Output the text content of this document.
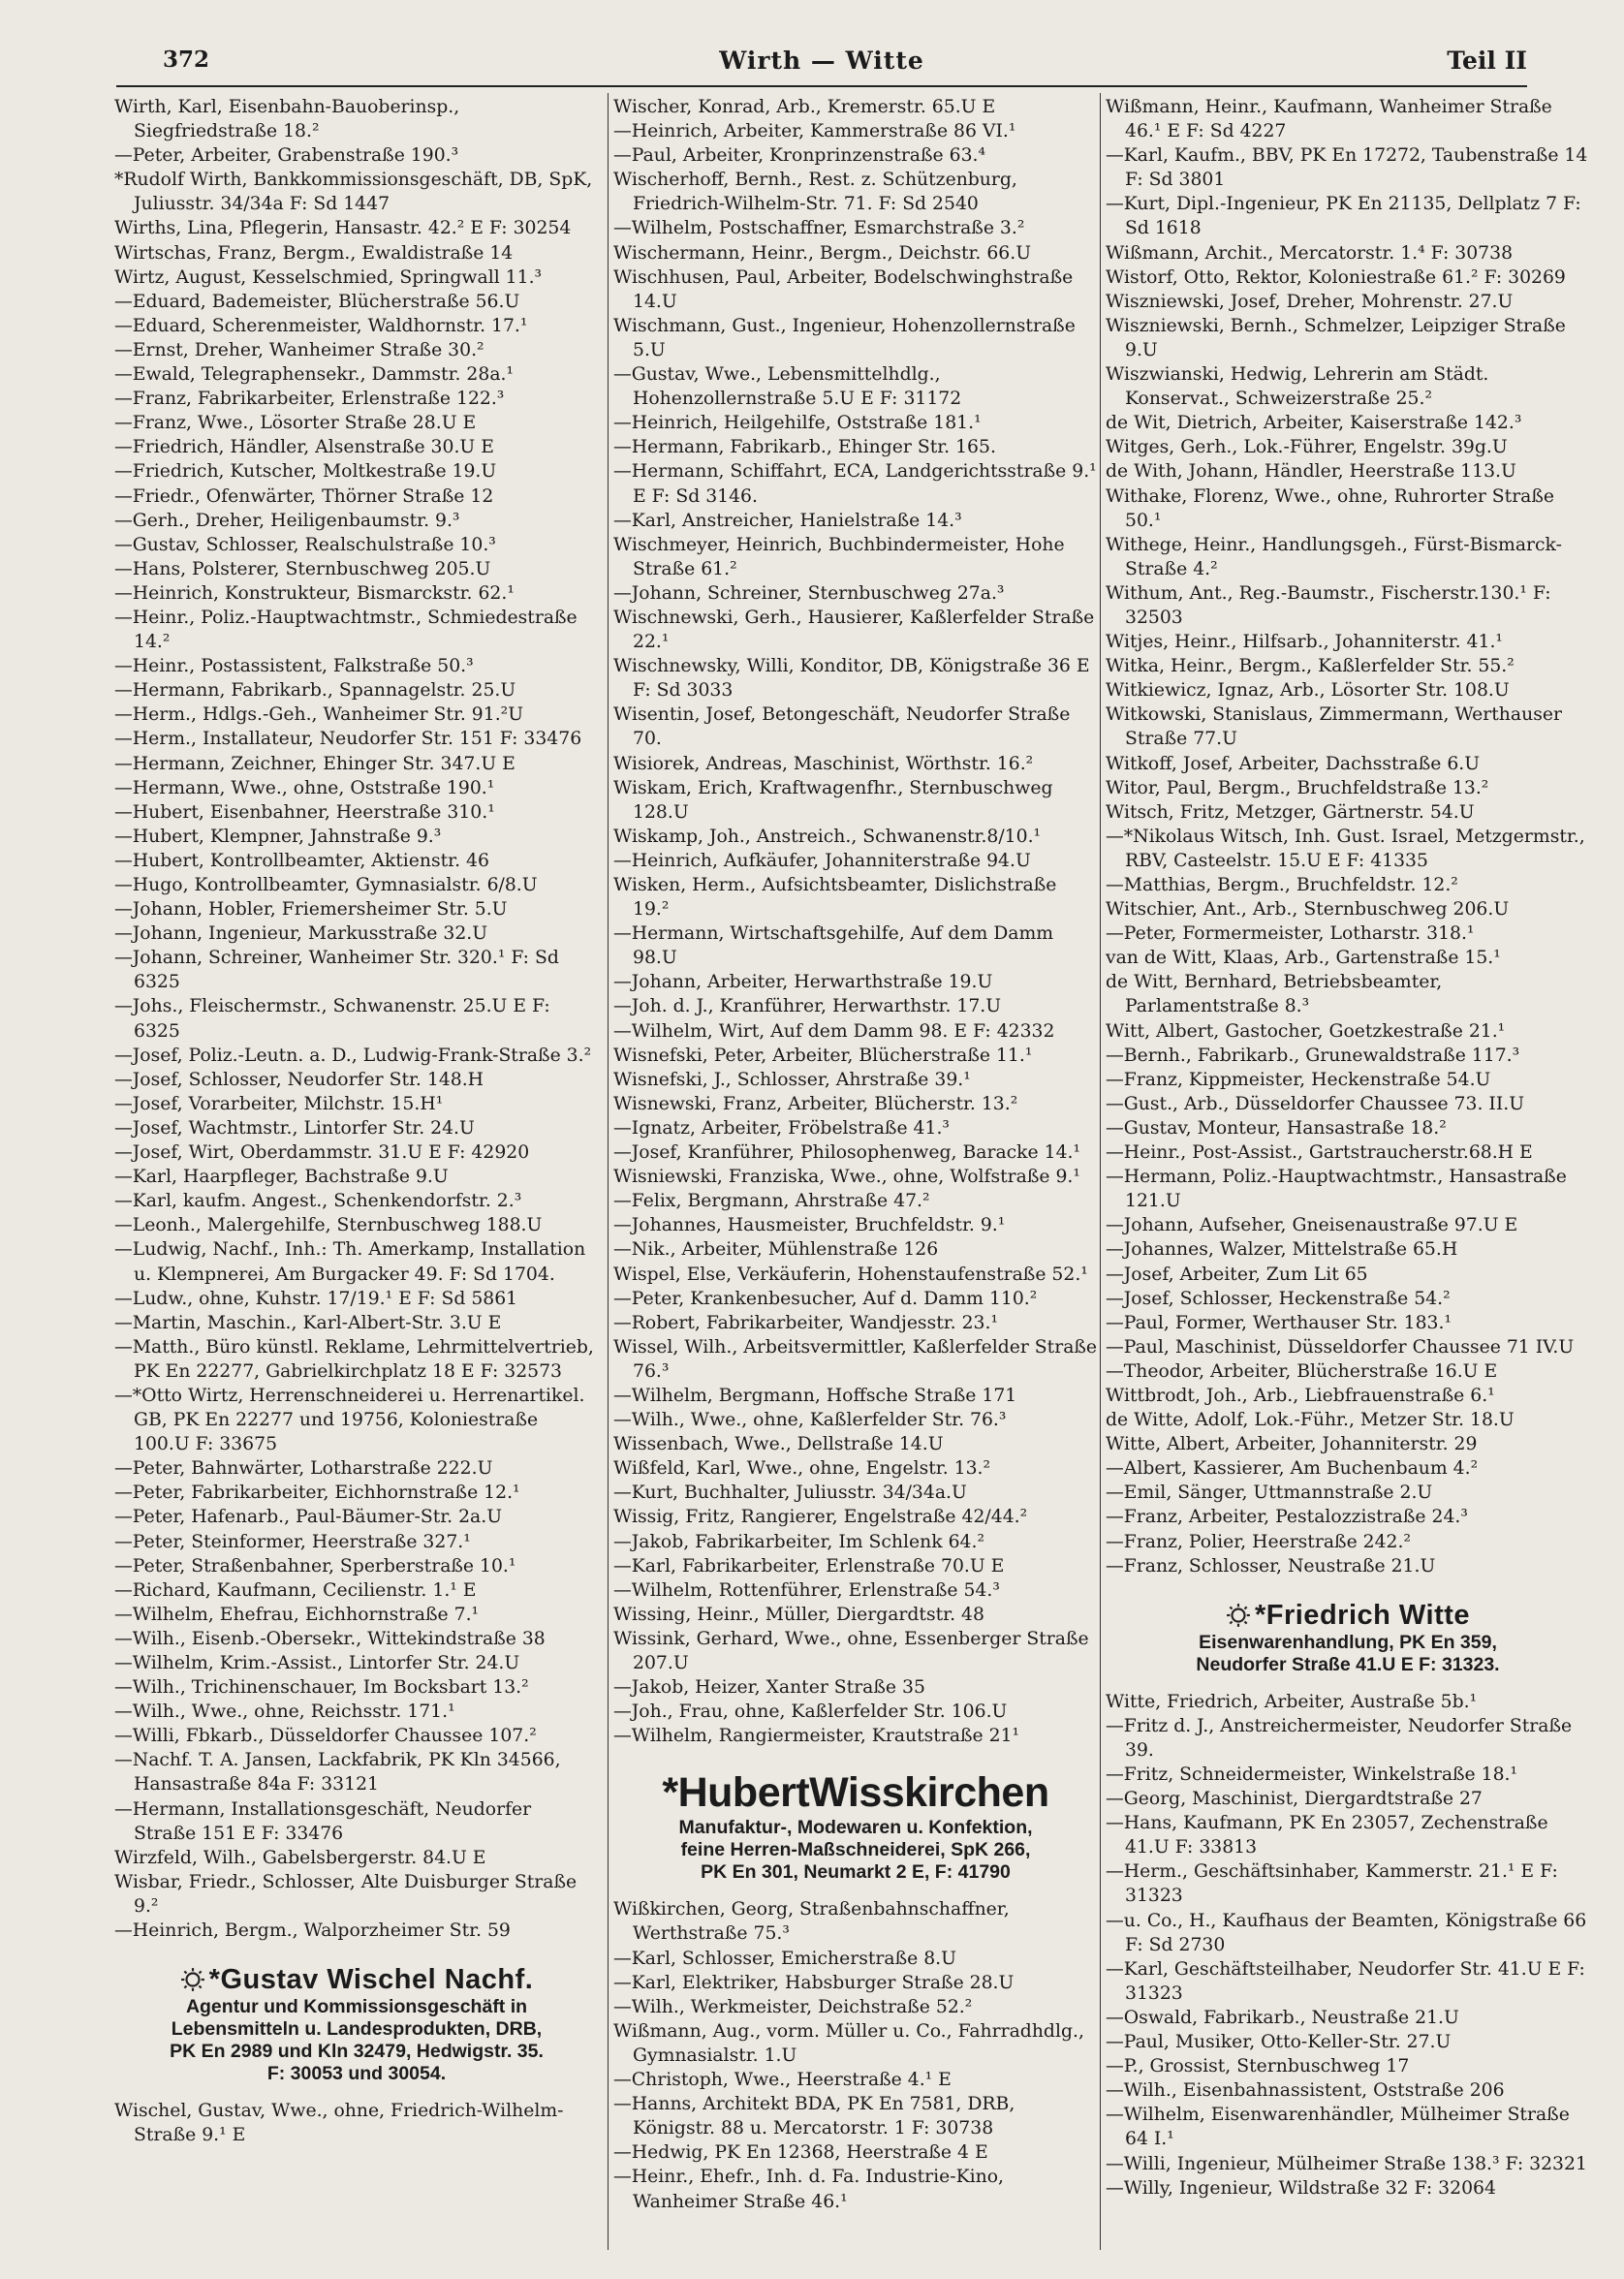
372	Wirth — Witte	Teil II

Wirth, Karl, Eisenbahn-Bauoberinsp., Siegfriedstraße 18.²

—Peter, Arbeiter, Grabenstraße 190.³

*Rudolf Wirth, Bankkommissionsgeschäft, DB, SpK, Juliusstr. 34/34a F: Sd 1447

Wirths, Lina, Pflegerin, Hansastr. 42.² E F: 30254

Wirtschas, Franz, Bergm., Ewaldistraße 14

Wirtz, August, Kesselschmied, Springwall 11.³

—Eduard, Bademeister, Blücherstraße 56.U

—Eduard, Scherenmeister, Waldhornstr. 17.¹

—Ernst, Dreher, Wanheimer Straße 30.²

—Ewald, Telegraphensekr., Dammstr. 28a.¹

—Franz, Fabrikarbeiter, Erlenstraße 122.³

—Franz, Wwe., Lösorter Straße 28.U E

—Friedrich, Händler, Alsenstraße 30.U E

—Friedrich, Kutscher, Moltkestraße 19.U

—Friedr., Ofenwärter, Thörner Straße 12

—Gerh., Dreher, Heiligenbaumstr. 9.³

—Gustav, Schlosser, Realschulstraße 10.³

—Hans, Polsterer, Sternbuschweg 205.U

—Heinrich, Konstrukteur, Bismarckstr. 62.¹

—Heinr., Poliz.-Hauptwachtmstr., Schmiedestraße 14.²

—Heinr., Postassistent, Falkstraße 50.³

—Hermann, Fabrikarb., Spannagelstr. 25.U

—Herm., Hdlgs.-Geh., Wanheimer Str. 91.²U

—Herm., Installateur, Neudorfer Str. 151 F: 33476

—Hermann, Zeichner, Ehinger Str. 347.U E

—Hermann, Wwe., ohne, Oststraße 190.¹

—Hubert, Eisenbahner, Heerstraße 310.¹

—Hubert, Klempner, Jahnstraße 9.³

—Hubert, Kontrollbeamter, Aktienstr. 46

—Hugo, Kontrollbeamter, Gymnasialstr. 6/8.U

—Johann, Hobler, Friemersheimer Str. 5.U

—Johann, Ingenieur, Markusstraße 32.U

—Johann, Schreiner, Wanheimer Str. 320.¹ F: Sd 6325

—Johs., Fleischermstr., Schwanenstr. 25.U E F: 6325

—Josef, Poliz.-Leutn. a. D., Ludwig-Frank-Straße 3.²

—Josef, Schlosser, Neudorfer Str. 148.H

—Josef, Vorarbeiter, Milchstr. 15.H¹

—Josef, Wachtmstr., Lintorfer Str. 24.U

—Josef, Wirt, Oberdammstr. 31.U E F: 42920

—Karl, Haarpfleger, Bachstraße 9.U

—Karl, kaufm. Angest., Schenkendorfstr. 2.³

—Leonh., Malergehilfe, Sternbuschweg 188.U

—Ludwig, Nachf., Inh.: Th. Amerkamp, Installation u. Klempnerei, Am Burgacker 49. F: Sd 1704.

—Ludw., ohne, Kuhstr. 17/19.¹ E F: Sd 5861

—Martin, Maschin., Karl-Albert-Str. 3.U E

—Matth., Büro künstl. Reklame, Lehrmittelvertrieb, PK En 22277, Gabrielkirchplatz 18 E F: 32573

—*Otto Wirtz, Herrenschneiderei u. Herrenartikel. GB, PK En 22277 und 19756, Koloniestraße 100.U F: 33675

—Peter, Bahnwärter, Lotharstraße 222.U

—Peter, Fabrikarbeiter, Eichhornstraße 12.¹

—Peter, Hafenarb., Paul-Bäumer-Str. 2a.U

—Peter, Steinformer, Heerstraße 327.¹

—Peter, Straßenbahner, Sperberstraße 10.¹

—Richard, Kaufmann, Cecilienstr. 1.¹ E

—Wilhelm, Ehefrau, Eichhornstraße 7.¹

—Wilh., Eisenb.-Obersekr., Wittekindstraße 38

—Wilhelm, Krim.-Assist., Lintorfer Str. 24.U

—Wilh., Trichinenschauer, Im Bocksbart 13.²

—Wilh., Wwe., ohne, Reichsstr. 171.¹

—Willi, Fbkarb., Düsseldorfer Chaussee 107.²

—Nachf. T. A. Jansen, Lackfabrik, PK Kln 34566, Hansastraße 84a F: 33121

—Hermann, Installationsgeschäft, Neudorfer Straße 151 E F: 33476

Wirzfeld, Wilh., Gabelsbergerstr. 84.U E

Wisbar, Friedr., Schlosser, Alte Duisburger Straße 9.²

—Heinrich, Bergm., Walporzheimer Str. 59

*Gustav Wischel Nachf.
Agentur und Kommissionsgeschäft in
Lebensmitteln u. Landesprodukten, DRB,
PK En 2989 und Kln 32479, Hedwigstr. 35.
F: 30053 und 30054.

Wischel, Gustav, Wwe., ohne, Friedrich-Wilhelm-Straße 9.¹ E

Wischer, Konrad, Arb., Kremerstr. 65.U E

—Heinrich, Arbeiter, Kammerstraße 86 VI.¹

—Paul, Arbeiter, Kronprinzenstraße 63.⁴

Wischerhoff, Bernh., Rest. z. Schützenburg, Friedrich-Wilhelm-Str. 71. F: Sd 2540

—Wilhelm, Postschaffner, Esmarchstraße 3.²

Wischermann, Heinr., Bergm., Deichstr. 66.U

Wischhusen, Paul, Arbeiter, Bodelschwinghstraße 14.U

Wischmann, Gust., Ingenieur, Hohenzollernstraße 5.U

—Gustav, Wwe., Lebensmittelhdlg., Hohenzollernstraße 5.U E F: 31172

—Heinrich, Heilgehilfe, Oststraße 181.¹

—Hermann, Fabrikarb., Ehinger Str. 165.

—Hermann, Schiffahrt, ECA, Landgerichtsstraße 9.¹ E F: Sd 3146.

—Karl, Anstreicher, Hanielstraße 14.³

Wischmeyer, Heinrich, Buchbindermeister, Hohe Straße 61.²

—Johann, Schreiner, Sternbuschweg 27a.³

Wischnewski, Gerh., Hausierer, Kaßlerfelder Straße 22.¹

Wischnewsky, Willi, Konditor, DB, Königstraße 36 E F: Sd 3033

Wisentin, Josef, Betongeschäft, Neudorfer Straße 70.

Wisiorek, Andreas, Maschinist, Wörthstr. 16.²

Wiskam, Erich, Kraftwagenfhr., Sternbuschweg 128.U

Wiskamp, Joh., Anstreich., Schwanenstr.8/10.¹

—Heinrich, Aufkäufer, Johanniterstraße 94.U

Wisken, Herm., Aufsichtsbeamter, Dislichstraße 19.²

—Hermann, Wirtschaftsgehilfe, Auf dem Damm 98.U

—Johann, Arbeiter, Herwarthstraße 19.U

—Joh. d. J., Kranführer, Herwarthstr. 17.U

—Wilhelm, Wirt, Auf dem Damm 98. E F: 42332

Wisnefski, Peter, Arbeiter, Blücherstraße 11.¹

Wisnefski, J., Schlosser, Ahrstraße 39.¹

Wisnewski, Franz, Arbeiter, Blücherstr. 13.²

—Ignatz, Arbeiter, Fröbelstraße 41.³

—Josef, Kranführer, Philosophenweg, Baracke 14.¹

Wisniewski, Franziska, Wwe., ohne, Wolfstraße 9.¹

—Felix, Bergmann, Ahrstraße 47.²

—Johannes, Hausmeister, Bruchfeldstr. 9.¹

—Nik., Arbeiter, Mühlenstraße 126

Wispel, Else, Verkäuferin, Hohenstaufenstraße 52.¹

—Peter, Krankenbesucher, Auf d. Damm 110.²

—Robert, Fabrikarbeiter, Wandjesstr. 23.¹

Wissel, Wilh., Arbeitsvermittler, Kaßlerfelder Straße 76.³

—Wilhelm, Bergmann, Hoffsche Straße 171

—Wilh., Wwe., ohne, Kaßlerfelder Str. 76.³

Wissenbach, Wwe., Dellstraße 14.U

Wißfeld, Karl, Wwe., ohne, Engelstr. 13.²

—Kurt, Buchhalter, Juliusstr. 34/34a.U

Wissig, Fritz, Rangierer, Engelstraße 42/44.²

—Jakob, Fabrikarbeiter, Im Schlenk 64.²

—Karl, Fabrikarbeiter, Erlenstraße 70.U E

—Wilhelm, Rottenführer, Erlenstraße 54.³

Wissing, Heinr., Müller, Diergardtstr. 48

Wissink, Gerhard, Wwe., ohne, Essenberger Straße 207.U

—Jakob, Heizer, Xanter Straße 35

—Joh., Frau, ohne, Kaßlerfelder Str. 106.U

—Wilhelm, Rangiermeister, Krautstraße 21¹

*HubertWisskirchen
Manufaktur-, Modewaren u. Konfektion,
feine Herren-Maßschneiderei, SpK 266,
PK En 301, Neumarkt 2 E, F: 41790

Wißkirchen, Georg, Straßenbahnschaffner, Werthstraße 75.³

—Karl, Schlosser, Emicherstraße 8.U

—Karl, Elektriker, Habsburger Straße 28.U

—Wilh., Werkmeister, Deichstraße 52.²

Wißmann, Aug., vorm. Müller u. Co., Fahrradhdlg., Gymnasialstr. 1.U

—Christoph, Wwe., Heerstraße 4.¹ E

—Hanns, Architekt BDA, PK En 7581, DRB, Königstr. 88 u. Mercatorstr. 1 F: 30738

—Hedwig, PK En 12368, Heerstraße 4 E

—Heinr., Ehefr., Inh. d. Fa. Industrie-Kino, Wanheimer Straße 46.¹

Wißmann, Heinr., Kaufmann, Wanheimer Straße 46.¹ E F: Sd 4227

—Karl, Kaufm., BBV, PK En 17272, Taubenstraße 14 F: Sd 3801

—Kurt, Dipl.-Ingenieur, PK En 21135, Dellplatz 7 F: Sd 1618

Wißmann, Archit., Mercatorstr. 1.⁴ F: 30738

Wistorf, Otto, Rektor, Koloniestraße 61.² F: 30269

Wiszniewski, Josef, Dreher, Mohrenstr. 27.U

Wiszniewski, Bernh., Schmelzer, Leipziger Straße 9.U

Wiszwianski, Hedwig, Lehrerin am Städt. Konservat., Schweizerstraße 25.²

de Wit, Dietrich, Arbeiter, Kaiserstraße 142.³

Witges, Gerh., Lok.-Führer, Engelstr. 39g.U

de With, Johann, Händler, Heerstraße 113.U

Withake, Florenz, Wwe., ohne, Ruhrorter Straße 50.¹

Withege, Heinr., Handlungsgeh., Fürst-Bismarck-Straße 4.²

Withum, Ant., Reg.-Baumstr., Fischerstr.130.¹ F: 32503

Witjes, Heinr., Hilfsarb., Johanniterstr. 41.¹

Witka, Heinr., Bergm., Kaßlerfelder Str. 55.²

Witkiewicz, Ignaz, Arb., Lösorter Str. 108.U

Witkowski, Stanislaus, Zimmermann, Werthauser Straße 77.U

Witkoff, Josef, Arbeiter, Dachsstraße 6.U

Witor, Paul, Bergm., Bruchfeldstraße 13.²

Witsch, Fritz, Metzger, Gärtnerstr. 54.U

—*Nikolaus Witsch, Inh. Gust. Israel, Metzgermstr., RBV, Casteelstr. 15.U E F: 41335

—Matthias, Bergm., Bruchfeldstr. 12.²

Witschier, Ant., Arb., Sternbuschweg 206.U

—Peter, Formermeister, Lotharstr. 318.¹

van de Witt, Klaas, Arb., Gartenstraße 15.¹

de Witt, Bernhard, Betriebsbeamter, Parlamentstraße 8.³

Witt, Albert, Gastocher, Goetzkestraße 21.¹

—Bernh., Fabrikarb., Grunewaldstraße 117.³

—Franz, Kippmeister, Heckenstraße 54.U

—Gust., Arb., Düsseldorfer Chaussee 73. II.U

—Gustav, Monteur, Hansastraße 18.²

—Heinr., Post-Assist., Gartstraucherstr.68.H E

—Hermann, Poliz.-Hauptwachtmstr., Hansastraße 121.U

—Johann, Aufseher, Gneisenaustraße 97.U E

—Johannes, Walzer, Mittelstraße 65.H

—Josef, Arbeiter, Zum Lit 65

—Josef, Schlosser, Heckenstraße 54.²

—Paul, Former, Werthauser Str. 183.¹

—Paul, Maschinist, Düsseldorfer Chaussee 71 IV.U

—Theodor, Arbeiter, Blücherstraße 16.U E

Wittbrodt, Joh., Arb., Liebfrauenstraße 6.¹

de Witte, Adolf, Lok.-Führ., Metzer Str. 18.U

Witte, Albert, Arbeiter, Johanniterstr. 29

—Albert, Kassierer, Am Buchenbaum 4.²

—Emil, Sänger, Uttmannstraße 2.U

—Franz, Arbeiter, Pestalozzistraße 24.³

—Franz, Polier, Heerstraße 242.²

—Franz, Schlosser, Neustraße 21.U

*Friedrich Witte
Eisenwarenhandlung, PK En 359,
Neudorfer Straße 41.U E F: 31323.

Witte, Friedrich, Arbeiter, Austraße 5b.¹

—Fritz d. J., Anstreichermeister, Neudorfer Straße 39.

—Fritz, Schneidermeister, Winkelstraße 18.¹

—Georg, Maschinist, Diergardtstraße 27

—Hans, Kaufmann, PK En 23057, Zechenstraße 41.U F: 33813

—Herm., Geschäftsinhaber, Kammerstr. 21.¹ E F: 31323

—u. Co., H., Kaufhaus der Beamten, Königstraße 66 F: Sd 2730

—Karl, Geschäftsteilhaber, Neudorfer Str. 41.U E F: 31323

—Oswald, Fabrikarb., Neustraße 21.U

—Paul, Musiker, Otto-Keller-Str. 27.U

—P., Grossist, Sternbuschweg 17

—Wilh., Eisenbahnassistent, Oststraße 206

—Wilhelm, Eisenwarenhändler, Mülheimer Straße 64 I.¹

—Willi, Ingenieur, Mülheimer Straße 138.³ F: 32321

—Willy, Ingenieur, Wildstraße 32 F: 32064
